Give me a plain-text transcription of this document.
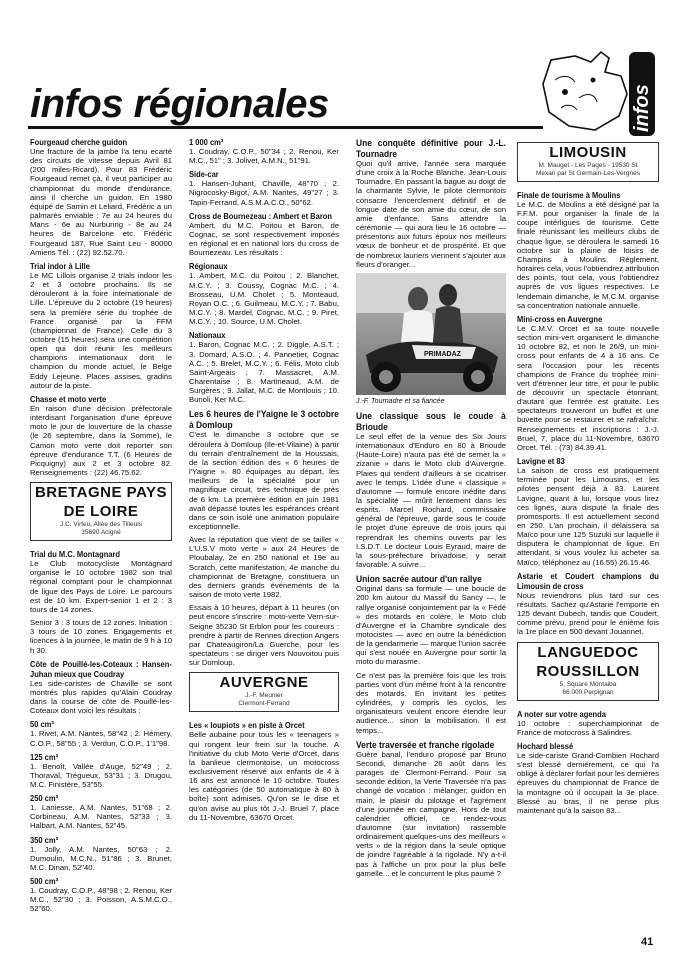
infos régionales	infos
Fourgeaud cherche guidon
Une fracture de la jambe l'a tenu ecarté des circuits de vitesse depuis Avril 81 (200 miles-Ricard). Pour 83 Frédéric Fourgeaud remet çà, il veut participer au championnat du monde d'endurance, ainsi il cherche un guidon. En 1980 équipé de Samin et Leliard, Frédéric a un palmarès enviable : 7e au 24 heures du Mans - 6e au Nurburing - 8e au 24 heures de Barcelone etc. Frédéric Fourgeaud 187, Rue Saint Leu - 80000 Amiens Tél. : (22) 92.52.70.
Trial indor à Lille
Le MC Lillois organise 2 trials indoor les 2 et 3 octobre prochains. Ils se dérouleront à la foire internationale de Lille. L'épreuve du 2 octobre (19 heures) sera la première série du trophée de France organisé par la FFM (championnat de France). Celle du 3 octobre (15 heures) sera une compétition open qui doit réunir les meilleurs champions internationaux dont le champion du monde actuel, le Belge Eddy Lejeune. Places assises, gradins autour de la piste.
Chasse et moto verte
En raison d'une décision préfectorale interdisant l'organisation d'une épreuve moto le jour de louverture de la chasse (le 26 septembre, dans la Somme), le Camon moto verte doit reporter son épreuve d'endurance T.T. (6 Heures de Picquigny) aux 2 et 3 octobre 82. Renseignements : (22) 46.75.62.
BRETAGNE PAYS DE LOIRE
J.C. Virfeu, Allée des Tilleuls
35690 Acigné
Trial du M.C. Montagnard
Le Club motocycliste Montagnard organise le 10 octobre 1982 son trial régional comptant pour le championnat de ligue des Pays de Loire. Le parcours est de 10 km. Expert-senior 1 et 2 : 3 tours de 14 zones.
Senior 3 : 3 tours de 12 zones. Initiation : 3 tours de 10 zones. Engagements et licences à la journée, le matin de 9 h à 10 h 30.
Côte de Pouillé-les-Coteaux : Hansen-Juhan mieux que Coudray
Les side-caristes de Chaville se sont montrés plus rapides qu'Alain Coudray dans la course de côte de Pouillé-les-Coteaux dont voici les résultats :
50 cm³
1. Rivet, A.M. Nantes, 58"42 ; 2. Hémery, C.O.P., 58"55 ; 3. Verdun, C.O.P., 1'1"98.
125 cm³
1. Benoît, Vallée d'Auge, 52"49 ; 2. Thoraval, Trégueux, 53"31 ; 3. Drugou, M.C. Finistère, 53"55.
250 cm³
1. Laniesse, A.M. Nantes, 51"68 ; 2. Corbineau, A.M. Nantes, 52"33 ; 3. Halbart, A.M. Nantes, 52"45.
350 cm³
1. Jolly, A.M. Nantes, 50"63 ; 2. Dumoulin, M.C.N., 51"86 ; 3. Brunet, M.C. Dinan, 52"40.
500 cm³
1. Coudray, C.O.P., 48"98 ; 2. Renou, Ker M.C., 52"30 ; 3. Poisson, A.S.M.C.O., 52"60.
1 000 cm³
1. Coudray, C.O.P., 50"34 ; 2. Renou, Ker M.C., 51" ; 3. Jolivet, A.M.N., 51"91.
Side-car
1. Hansen-Juhant, Chaville, 48"70 ; 2. Nigrocosky-Bigot, A.M. Nantes, 49"27 ; 3. Tapin-Ferrand, A.S.M.A.C.O., 50"62.
Cross de Bournezeau : Ambert et Baron
Ambert, du M.C. Poitou et Baron, de Cognac, se sont respectivement imposés en régional et en national lors du cross de Bournezeau. Les résultats :
Régionaux
1. Ambert, M.C. du Poitou ; 2. Blanchet, M.C.Y. ; 3. Coussy, Cognac M.C. ; 4. Brosseau, U.M. Cholet ; 5. Monteaud, Royan O.C. ; 6. Guilmeau, M.C.Y. ; 7. Babu, M.C.Y. ; 8. Mardel, Cognac, M.C. ; 9. Piret, M.C.Y. ; 10. Source, U.M. Cholet.
Nationaux
1. Baron, Cognac M.C. ; 2. Diggle, A.S.T. ; 3. Domard, A.S.O. ; 4. Pannetier, Cognac A.C. ; 5. Brelet, M.C.Y. ; 6. Félis, Moto club Saint-Argeais ; 7. Massacret, A.M. Charentaise ; 8. Martineaud, A.M. de Surgères ; 9. Jallat, M.C. de Montlouis ; 10. Burioli, Ker M.C.
Les 6 heures de l'Yaigne le 3 octobre à Domloup
C'est le dimanche 3 octobre que se déroulera à Domloup (Ile-et-Vilaine) à partir du terrain d'entraînement de la Houssais, de la section édition des « 6 heures de l'Yaigne ». 80 équipages au départ, les meilleurs de la spécialité pour un magnifique circuit, très technique de près de 6 km. La première édition en juin 1981 avait dépassé toutes les espérances créant dans ce soin isolé une animation populaire exceptionnelle.
Avec la réputation que vient de se tailler « L'U.S.V moto verte » aux 24 Heures de Ploubalay, 2e en 250 national et 19e au Scratch, cette manifestation, 4e manche du championnat de Bretagne, constituera un des derniers grands événements de la saison de moto verte 1982.
Essais à 10 heures, départ à 11 heures (on peut encore s'inscrire : moto-verte Vern-sur-Seigne 35230 St Erblon pour les coureurs : prendre à partir de Rennes direction Angers par Chateaugiron/La Guerche, pour les spectateurs : se diriger vers Nouvoitou puis sur Domloup.
AUVERGNE
J.-F. Meunier
Clermont-Ferrand
Les « loupiots » en piste à Orcet
Belle aubaine pour tous les « teenagers » qui rongent leur frein sur la touche. A l'initiative du club Moto Verte d'Orcet, dans la banlieue clermontoise, un motocross exclusivement réservé aux enfants de 4 à 16 ans est annoncé le 10 octobre. Toutes les catégories (de 50 automatique à 80 à boîte) sont admises. Qu'on se le dise et qu'on avise au plus tôt J.-J. Bruel 7, place du 11-Novembre, 63670 Orcet.
Une conquête définitive pour J.-L. Tournadre
Quoi qu'il arrive, l'année sera marquée d'une croix à la Roche Blanche. Jean-Louis Tournadre. En passant la bague au doigt de la charmante Sylvie, le pilote clermontois consacre l'encerclement définitif et de longue date de son amie du cœur, de son amie d'enfance. Sans attendre la cérémonie — qui aura lieu le 16 octobre — présentons aux futurs époux nos meilleurs vœux de bonheur et de prospérité. Et que de nombreux lauriers viennent s'ajouter aux fleurs d'oranger...
PRIMADAZ
J.-F. Tournadre et sa fiancée
Une classique sous le coude à Brioude
Le seul effet de la venue des Six Jours internationaux d'Enduro en 80 à Brioude (Haute-Loire) n'aura pas été de semer la « zizanie » dans le Moto club d'Auvergne. Plaies qui tendent d'ailleurs à se cicatriser avec le temps. L'idée d'une « classique » d'automne — formule encore inédite dans la spécialité — mûrit lentement dans les esprits. Marcel Rochard, commissaire général de l'épreuve, garde sous le coude le projet d'une épreuve de trois jours qui reprendrait les chemins ouverts par les I.S.D.T. Le docteur Louis Eyraud, maire de la sous-préfecture brivadoise, y serait favorable. A suivre...
Union sacrée autour d'un rallye
Original dans sa formule — une boucle de 200 km autour du Massif du Sancy —, le rallye organisé conjointement par la « Fédé » des motards en colère, le Moto club d'Auvergne et la Chambre syndicale des motocistes — avec en outre la bénédiction de la gendarmerie — marque l'union sacrée qui s'est nouée en Auvergne pour sortir la moto du marasme.
Ce n'est pas la première fois que les trois parties vont d'un même front à la rencontre des motards. En invitant les petites cylindrées, y compris les cyclos, les organisateurs veulent encore étendre leur audience... sinon la mobilisation. Il est temps...
Verte traversée et franche rigolade
Guère banal, l'enduro proposé par Bruno Secondi, dimanche 26 août dans les parages de Clermont-Ferrand. Pour sa seconde édition, la Verte Traversée n'a pas changé de vocation : mélanger, guidon en main, le plaisir du pilotage et l'agrément d'une journée en campagne. Hors de tout calendrier officiel, ce rendez-vous d'automne (sur invitation) rassemble ordinairement quelques-uns des meilleurs « verts » de la région dans la seule optique de joindre l'agréable à la rigolade. N'y a-t-il pas à l'affiche un prix pour la plus belle gamelle... et le concurrent le plus paumé ?
LIMOUSIN
M. Mauget - Les Pages - 19530 St
Mexan par St Germain-Les-Vergnes
Finale de tourisme à Moulins
Le M.C. de Moulins a été désigné par la F.F.M. pour organiser la finale de la coupe intérligues de tourisme. Cette finale réunissant les meilleurs clubs de chaque ligue, se déroulera le samedi 16 octobre sur la plaine de loisirs de Champins à Moulins. Règlement, horaires cela, vous l'obtiendrez attribution des points, tout cela, vous l'obtiendrez auprès de vos ligues respectives. Le lendemain dimanche, le M.C.M. organise sa concentration nationale annuelle.
Mini-cross en Auvergne
Le C.M.V. Orcet et sa toute nouvelle section mini-vert organisent le dimanche 10 octobre 82, et non le 26/9, un mini-cross pour enfants de 4 à 16 ans. Ce sera l'occasion pour les récents champions de France du trophée mini-vert d'étrenner leur titre, et pour le public de découvrir un spectacle étonnant, d'autant que l'entrée est gratuite. Les spectateurs trouveront un buffet et une buvette pour se restaurer et se rafraîchir. Renseignements et inscriptions : J.-J. Bruel, 7, place du 11-Novembre, 63670 Orcet. Tél. : (73) 84.39.41.
Lavigne et 83
La saison de cross est pratiquement terminée pour les Limousins, et les pilotes pensent déjà à 83. Laurent Lavigne, quant à lui, lorsque vous lirez ces lignes, aura disputé la finale des promosports. Il est actuellement second en 250. L'an prochain, il délaissera sa Maïco pour une 125 Suzuki sur laquelle il disputera le championnat de ligue. En attendant, si vous voulez lui acheter sa Maïco, téléphonez au (16.55) 26.15.46.
Astarie et Coudert champions du Limousin de cross
Nous reviendrons plus tard sur ces résultats. Sachez qu'Astarie l'emporte en 125 devant Dubech, tandis que Coudert, comme prévu, prend pour le énième fois la 1re place en 500 devant Jouannet.
LANGUEDOC ROUSSILLON
5, Square Montaiba
66 000 Perpignan
A noter sur votre agenda
10 octobre : superchampionnat de France de motocross à Salindres.
Hochard blessé
Le side-cariste Grand-Combien Hochard s'est blessé dernièrement, ce qui l'a obligé à déclarer forfait pour les dernières épreuves du championnat de France de la montagne où il occupait la 3e place. Blessé au bras, il ne pense plus maintenant qu'à la saison 83...
41
